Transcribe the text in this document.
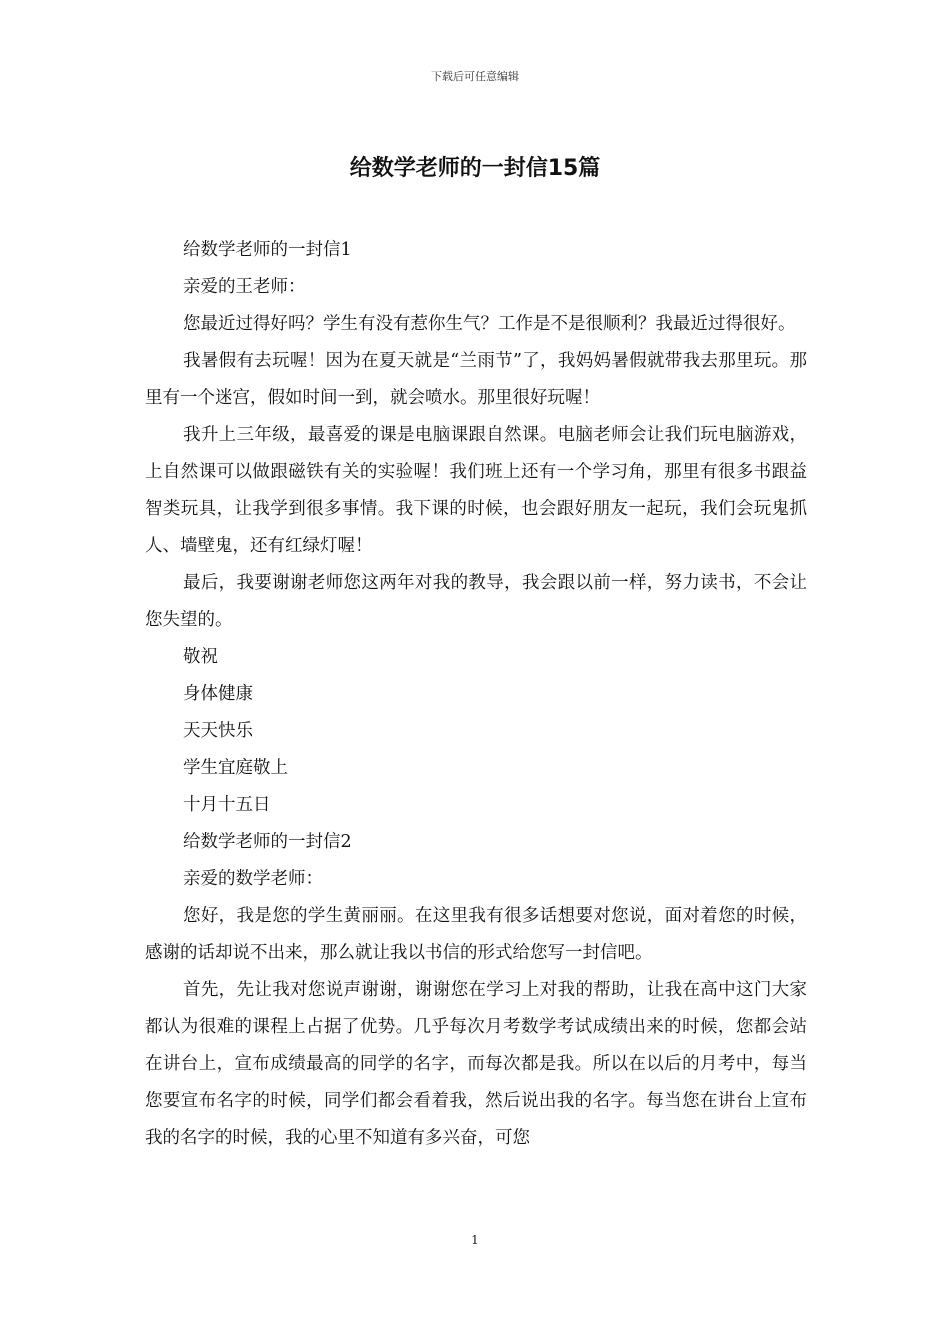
下载后可任意编辑
给数学老师的一封信15篇

给数学老师的一封信1

亲爱的王老师：

您最近过得好吗？学生有没有惹你生气？工作是不是很顺利？我最近过得很好。

我暑假有去玩喔！因为在夏天就是“兰雨节”了，我妈妈暑假就带我去那里玩。那里有一个迷宫，假如时间一到，就会喷水。那里很好玩喔！

我升上三年级，最喜爱的课是电脑课跟自然课。电脑老师会让我们玩电脑游戏，上自然课可以做跟磁铁有关的实验喔！我们班上还有一个学习角，那里有很多书跟益智类玩具，让我学到很多事情。我下课的时候，也会跟好朋友一起玩，我们会玩鬼抓人、墙壁鬼，还有红绿灯喔！

最后，我要谢谢老师您这两年对我的教导，我会跟以前一样，努力读书，不会让您失望的。

敬祝

身体健康

天天快乐

学生宜庭敬上

十月十五日

给数学老师的一封信2

亲爱的数学老师：

您好，我是您的学生黄丽丽。在这里我有很多话想要对您说，面对着您的时候，感谢的话却说不出来，那么就让我以书信的形式给您写一封信吧。

首先，先让我对您说声谢谢，谢谢您在学习上对我的帮助，让我在高中这门大家都认为很难的课程上占据了优势。几乎每次月考数学考试成绩出来的时候，您都会站在讲台上，宣布成绩最高的同学的名字，而每次都是我。所以在以后的月考中，每当您要宣布名字的时候，同学们都会看着我，然后说出我的名字。每当您在讲台上宣布我的名字的时候，我的心里不知道有多兴奋，可您

1
